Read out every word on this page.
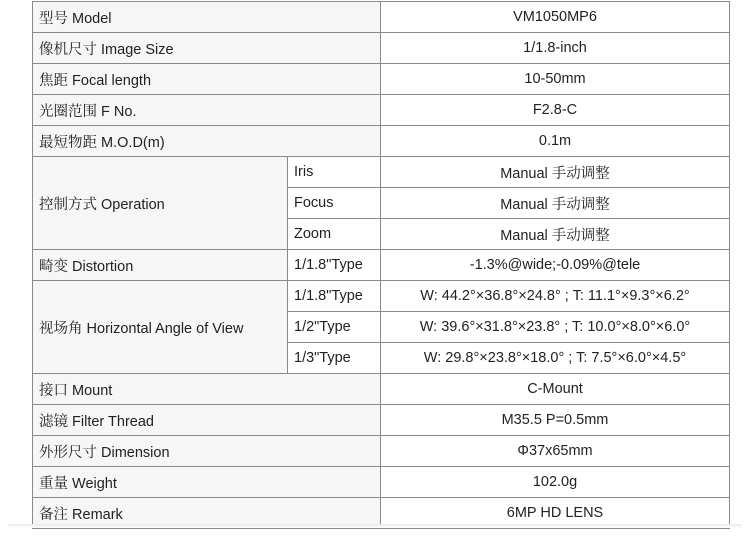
型号 Model		VM1050MP6
像机尺寸 Image Size		1/1.8-inch
焦距 Focal length		10-50mm
光圈范围 F No.		F2.8-C
最短物距 M.O.D(m)		0.1m
控制方式 Operation	Iris	Manual 手动调整
	Focus	Manual 手动调整
	Zoom	Manual 手动调整
畸变 Distortion	1/1.8"Type	-1.3%@wide;-0.09%@tele
视场角 Horizontal Angle of View	1/1.8"Type	W: 44.2°×36.8°×24.8° ; T: 11.1°×9.3°×6.2°
	1/2"Type	W: 39.6°×31.8°×23.8° ; T: 10.0°×8.0°×6.0°
	1/3"Type	W: 29.8°×23.8°×18.0° ; T: 7.5°×6.0°×4.5°
接口 Mount		C-Mount
滤镜 Filter Thread		M35.5 P=0.5mm
外形尺寸 Dimension		Φ37x65mm
重量 Weight		102.0g
备注 Remark		6MP HD LENS
